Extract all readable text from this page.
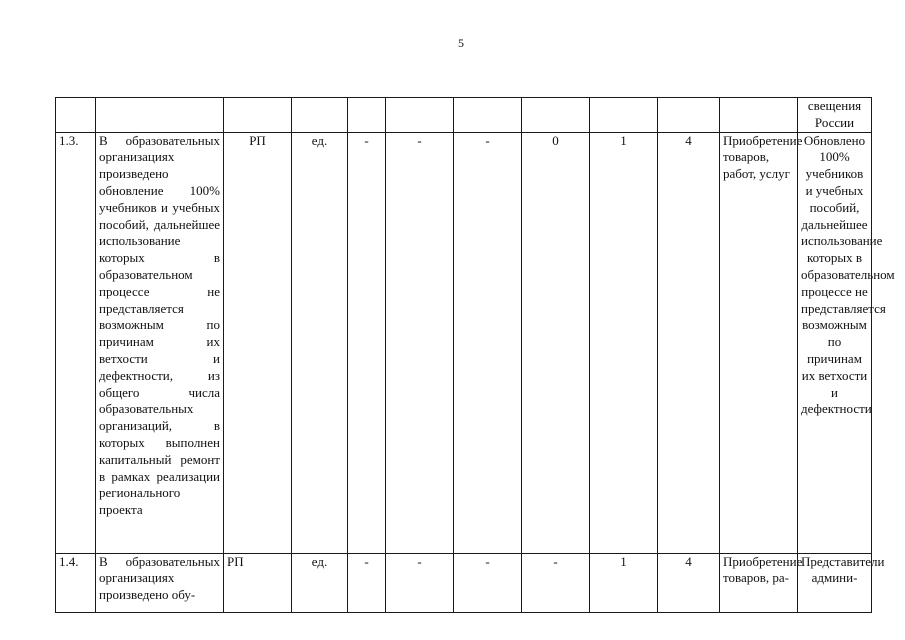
5
											свещения
России
1.3.	В образовательных организациях произведено обновление 100% учебников и учебных пособий, дальнейшее использование которых в образовательном процессе не представляется возможным по причинам их ветхости и дефектности, из общего числа образовательных организаций, в которых выполнен капитальный ремонт в рамках реализации регионального проекта	РП	ед.	-	-	-	0	1	4	Приобретение товаров, работ, услуг	Обновлено 100% учебников и учебных пособий, дальнейшее использование которых в образовательном процессе не представляется возможным по причинам их ветхости и дефектности
1.4.	В образовательных организациях произведено обу-	РП	ед.	-	-	-	-	1	4	Приобретение товаров, ра-	Представители админи-
